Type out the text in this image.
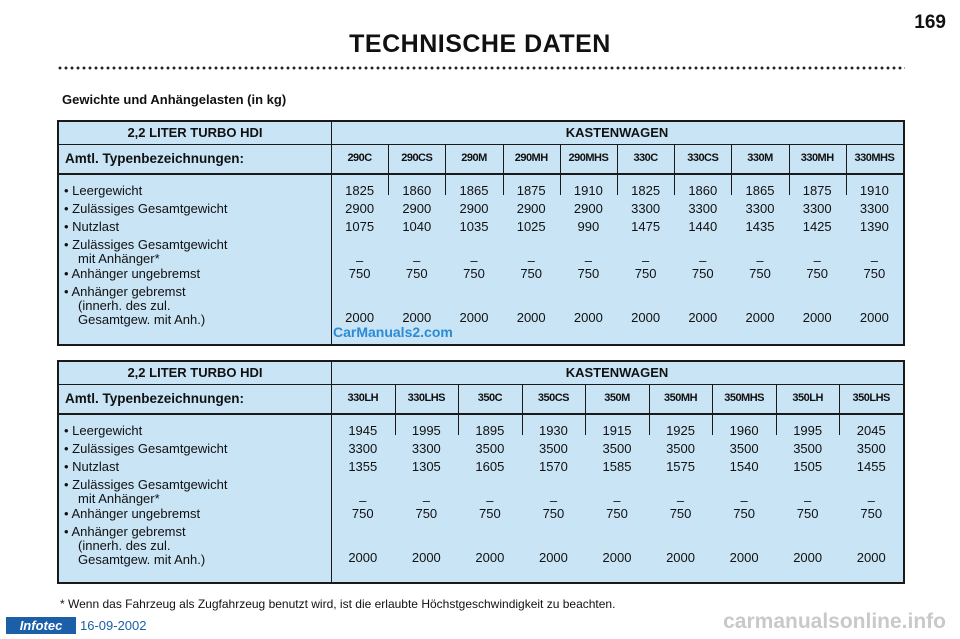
169
TECHNISCHE DATEN
Gewichte und Anhängelasten (in kg)
2,2 LITER TURBO HDI	KASTENWAGEN
Amtl. Typenbezeichnungen:	290C	290CS	290M	290MH	290MHS	330C	330CS	330M	330MH	330MHS
• Leergewicht	1825	1860	1865	1875	1910	1825	1860	1865	1875	1910
• Zulässiges Gesamtgewicht	2900	2900	2900	2900	2900	3300	3300	3300	3300	3300
• Nutzlast	1075	1040	1035	1025	990	1475	1440	1435	1425	1390
• Zulässiges Gesamtgewicht
mit Anhänger*	–	–	–	–	–	–	–	–	–	–
• Anhänger ungebremst	750	750	750	750	750	750	750	750	750	750
• Anhänger gebremst
(innerh. des zul.
Gesamtgew. mit Anh.)	2000	2000	2000	2000	2000	2000	2000	2000	2000	2000
2,2 LITER TURBO HDI	KASTENWAGEN
Amtl. Typenbezeichnungen:	330LH	330LHS	350C	350CS	350M	350MH	350MHS	350LH	350LHS
• Leergewicht	1945	1995	1895	1930	1915	1925	1960	1995	2045
• Zulässiges Gesamtgewicht	3300	3300	3500	3500	3500	3500	3500	3500	3500
• Nutzlast	1355	1305	1605	1570	1585	1575	1540	1505	1455
• Zulässiges Gesamtgewicht
mit Anhänger*	–	–	–	–	–	–	–	–	–
• Anhänger ungebremst	750	750	750	750	750	750	750	750	750
• Anhänger gebremst
(innerh. des zul.
Gesamtgew. mit Anh.)	2000	2000	2000	2000	2000	2000	2000	2000	2000
* Wenn das Fahrzeug als Zugfahrzeug benutzt wird, ist die erlaubte Höchstgeschwindigkeit zu beachten.
Infotec	16-09-2002
CarManuals2.com
carmanualsonline.info
